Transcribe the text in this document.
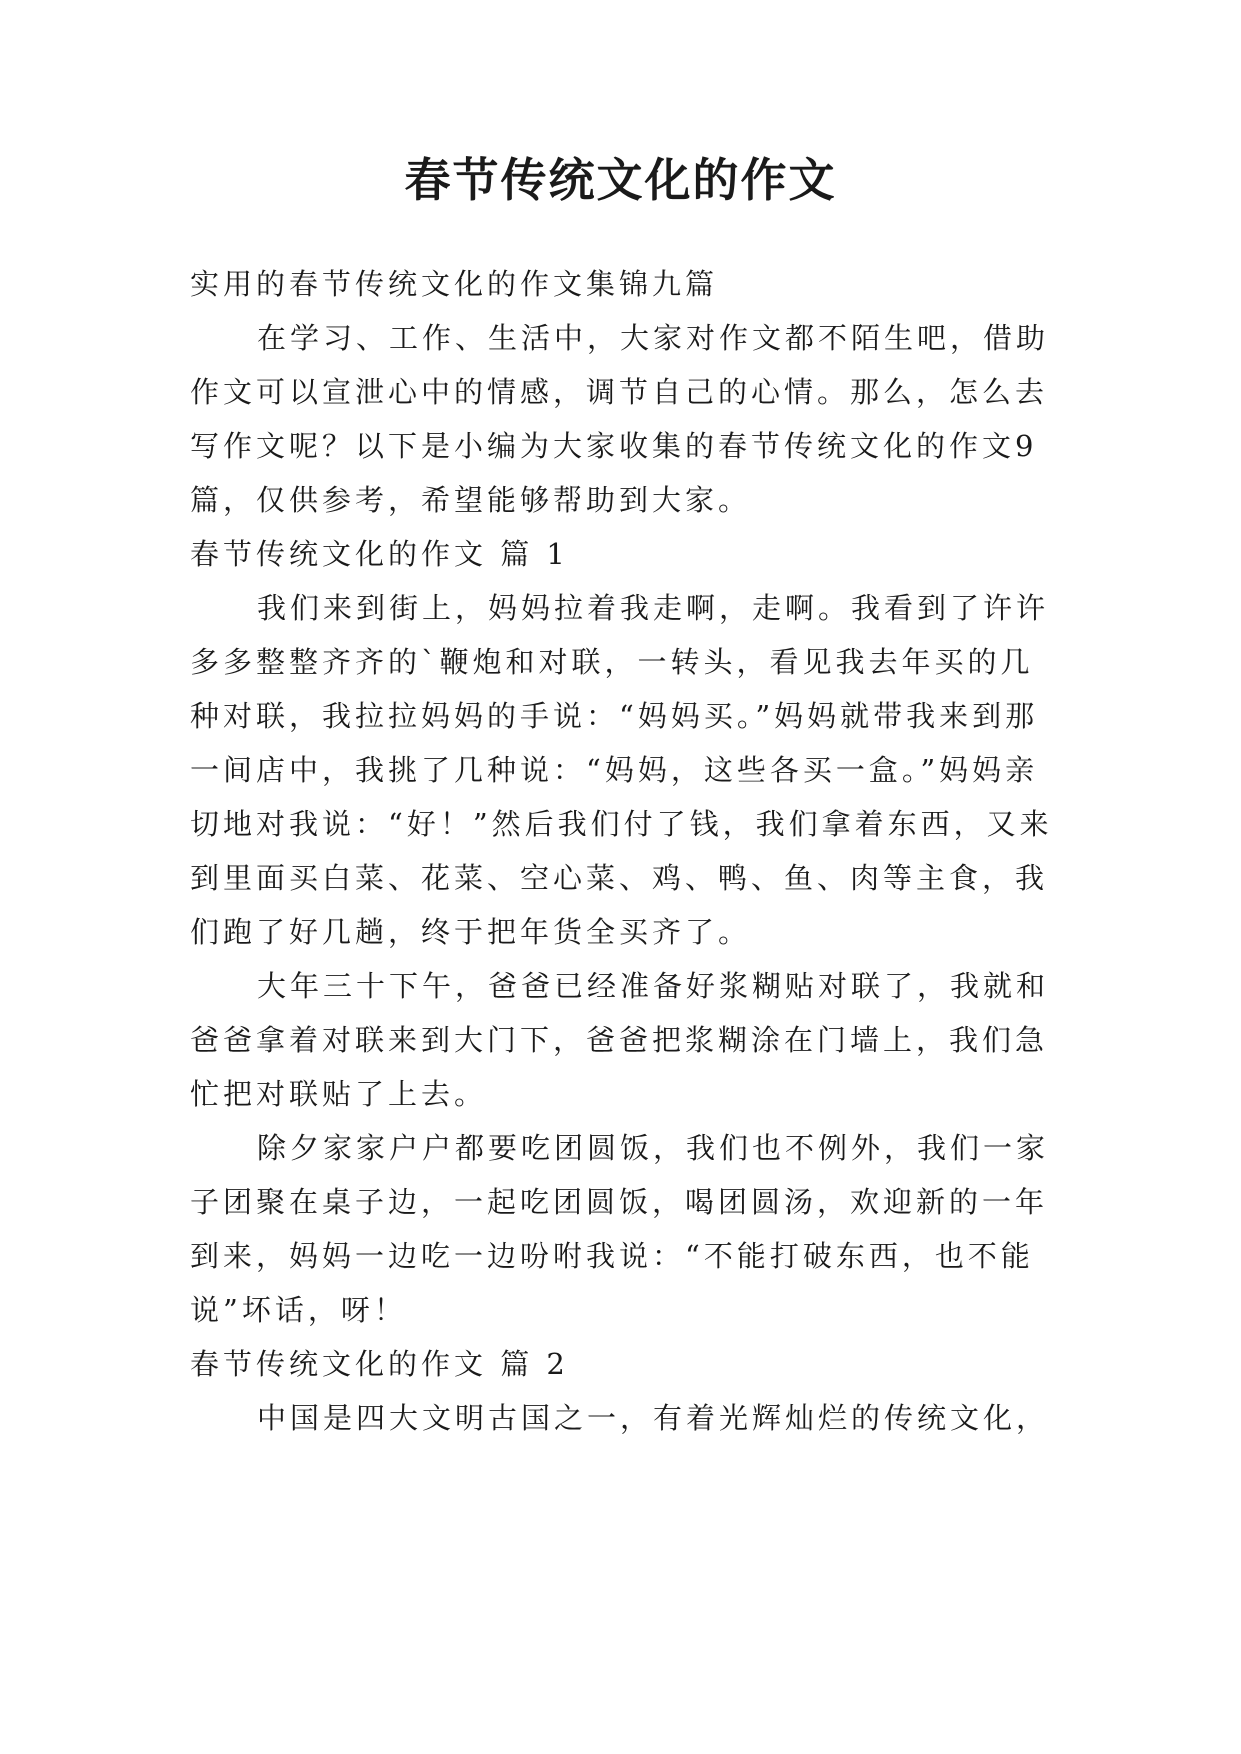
春节传统文化的作文
实用的春节传统文化的作文集锦九篇
在学习、工作、生活中，大家对作文都不陌生吧，借助
作文可以宣泄心中的情感，调节自己的心情。那么，怎么去
写作文呢？以下是小编为大家收集的春节传统文化的作文9
篇，仅供参考，希望能够帮助到大家。
春节传统文化的作文 篇 1
我们来到街上，妈妈拉着我走啊，走啊。我看到了许许
多多整整齐齐的`鞭炮和对联，一转头，看见我去年买的几
种对联，我拉拉妈妈的手说：“妈妈买。”妈妈就带我来到那
一间店中，我挑了几种说：“妈妈，这些各买一盒。”妈妈亲
切地对我说：“好！”然后我们付了钱，我们拿着东西，又来
到里面买白菜、花菜、空心菜、鸡、鸭、鱼、肉等主食，我
们跑了好几趟，终于把年货全买齐了。
大年三十下午，爸爸已经准备好浆糊贴对联了，我就和
爸爸拿着对联来到大门下，爸爸把浆糊涂在门墙上，我们急
忙把对联贴了上去。
除夕家家户户都要吃团圆饭，我们也不例外，我们一家
子团聚在桌子边，一起吃团圆饭，喝团圆汤，欢迎新的一年
到来，妈妈一边吃一边吩咐我说：“不能打破东西，也不能
说”坏话，呀！
春节传统文化的作文 篇 2
中国是四大文明古国之一，有着光辉灿烂的传统文化，
